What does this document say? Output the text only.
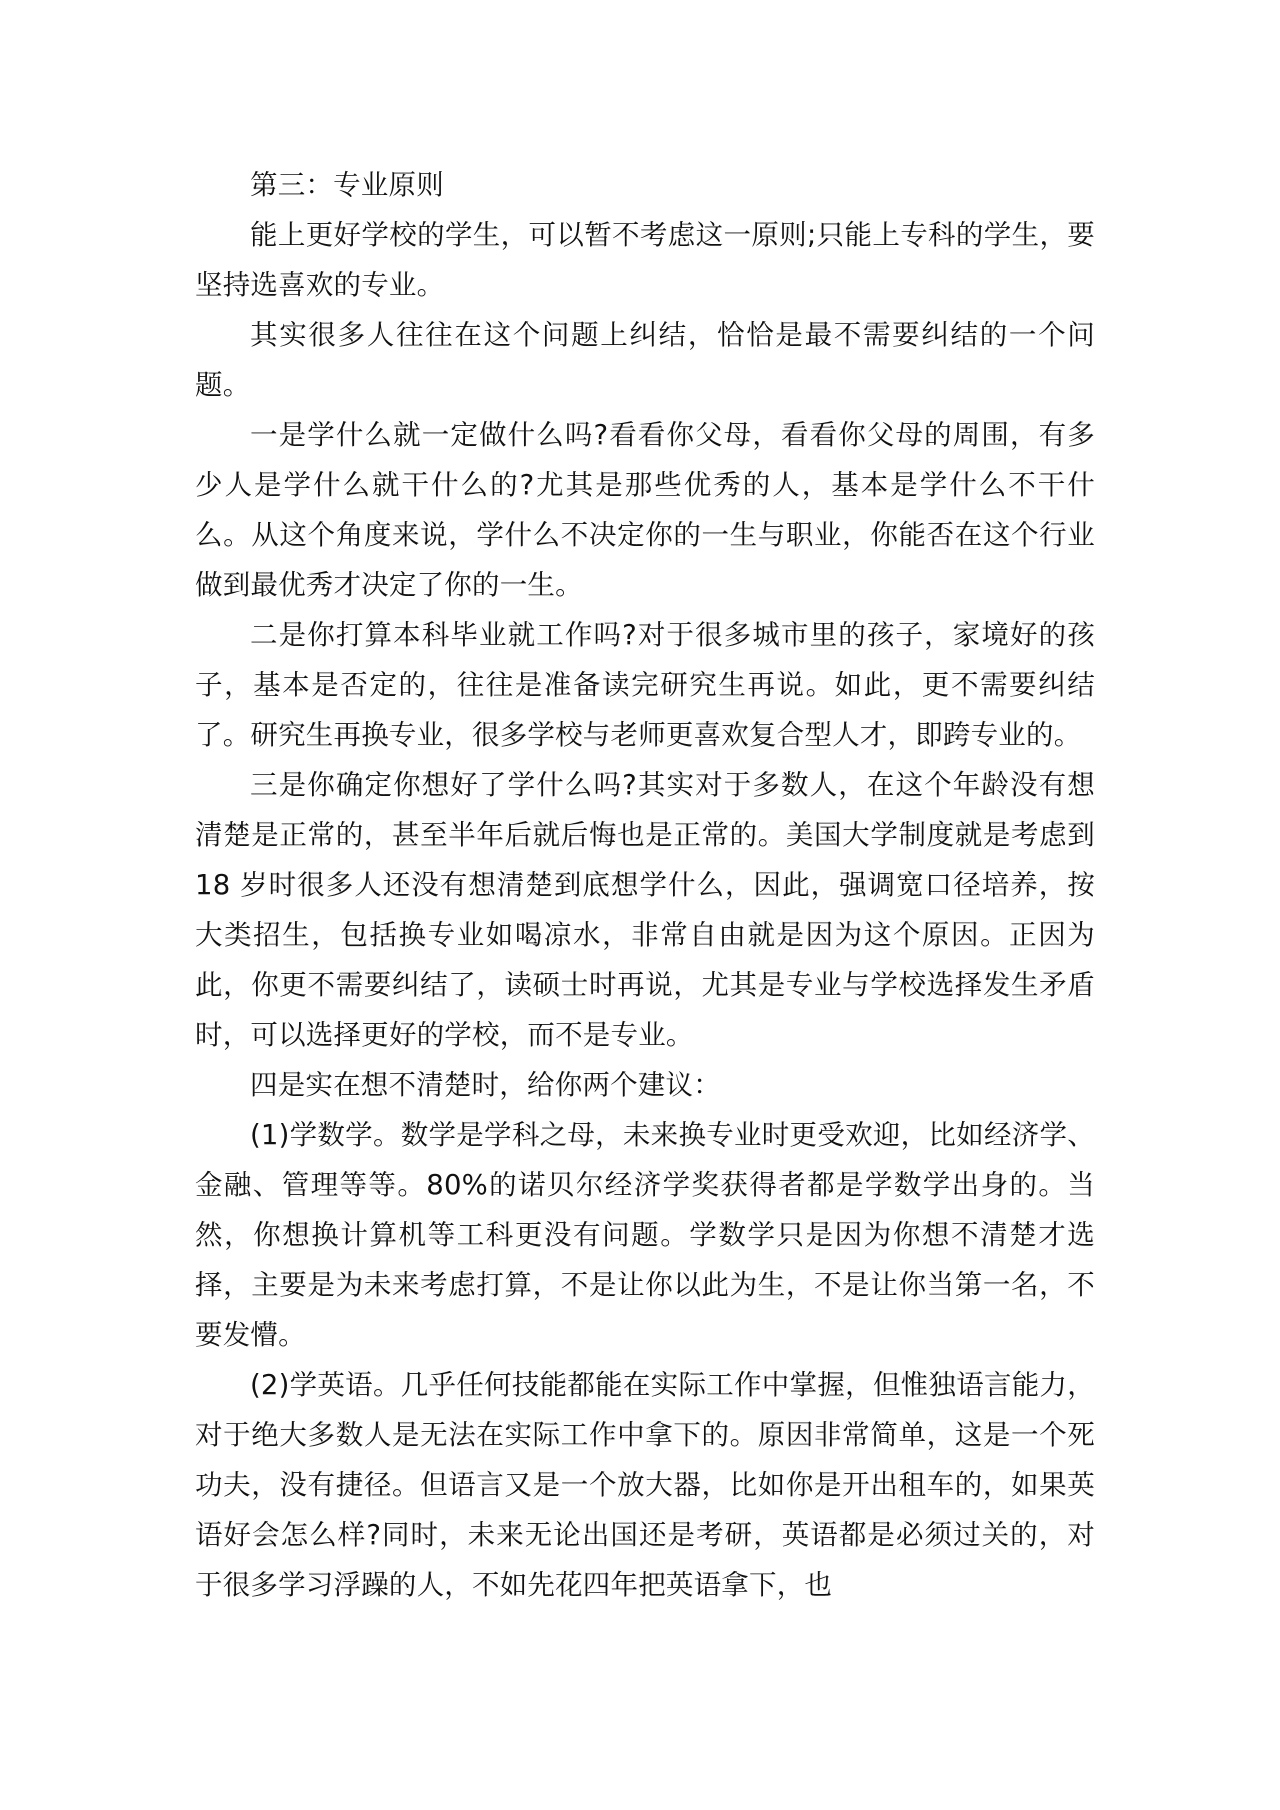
第三：专业原则

能上更好学校的学生，可以暂不考虑这一原则;只能上专科的学生，要坚持选喜欢的专业。

其实很多人往往在这个问题上纠结，恰恰是最不需要纠结的一个问题。

一是学什么就一定做什么吗?看看你父母，看看你父母的周围，有多少人是学什么就干什么的?尤其是那些优秀的人，基本是学什么不干什么。从这个角度来说，学什么不决定你的一生与职业，你能否在这个行业做到最优秀才决定了你的一生。

二是你打算本科毕业就工作吗?对于很多城市里的孩子，家境好的孩子，基本是否定的，往往是准备读完研究生再说。如此，更不需要纠结了。研究生再换专业，很多学校与老师更喜欢复合型人才，即跨专业的。

三是你确定你想好了学什么吗?其实对于多数人，在这个年龄没有想清楚是正常的，甚至半年后就后悔也是正常的。美国大学制度就是考虑到 18 岁时很多人还没有想清楚到底想学什么，因此，强调宽口径培养，按大类招生，包括换专业如喝凉水，非常自由就是因为这个原因。正因为此，你更不需要纠结了，读硕士时再说，尤其是专业与学校选择发生矛盾时，可以选择更好的学校，而不是专业。

四是实在想不清楚时，给你两个建议：

(1)学数学。数学是学科之母，未来换专业时更受欢迎，比如经济学、金融、管理等等。80%的诺贝尔经济学奖获得者都是学数学出身的。当然，你想换计算机等工科更没有问题。学数学只是因为你想不清楚才选择，主要是为未来考虑打算，不是让你以此为生，不是让你当第一名，不要发懵。

(2)学英语。几乎任何技能都能在实际工作中掌握，但惟独语言能力，对于绝大多数人是无法在实际工作中拿下的。原因非常简单，这是一个死功夫，没有捷径。但语言又是一个放大器，比如你是开出租车的，如果英语好会怎么样?同时，未来无论出国还是考研，英语都是必须过关的，对于很多学习浮躁的人，不如先花四年把英语拿下，也
